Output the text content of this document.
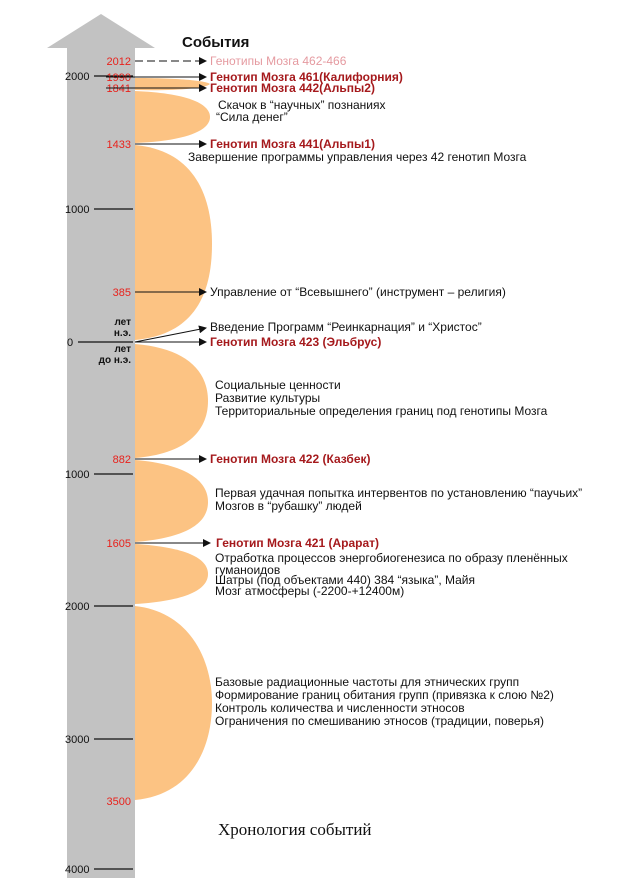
2000
1000
0
1000
2000
3000
4000
лет
н.э.
лет
до н.э.
2012
1990
1841
1433
385
882
1605
3500
События
Хронология событий
Генотипы Мозга 462-466
Генотип Мозга 461(Калифорния)
Генотип Мозга 442(Альпы2)
Скачок в “научных” познаниях
“Сила денег”
Генотип Мозга 441(Альпы1)
Завершение программы управления через 42 генотип Мозга
Управление от “Всевышнего” (инструмент – религия)
Введение Программ “Реинкарнация” и “Христос”
Генотип Мозга 423 (Эльбрус)
Социальные ценности
Развитие культуры
Территориальные определения границ под генотипы Мозга
Генотип Мозга 422 (Казбек)
Первая удачная попытка интервентов по установлению “паучьих”
Мозгов в “рубашку” людей
Генотип Мозга 421 (Арарат)
Отработка процессов энергобиогенезиса по образу пленённых
гуманоидов
Шатры (под объектами 440) 384 “языка”, Майя
Мозг атмосферы (-2200-+12400м)
Базовые радиационные частоты для этнических групп
Формирование границ обитания групп (привязка к слою №2)
Контроль количества и численности этносов
Ограничения по смешиванию этносов (традиции, поверья)
